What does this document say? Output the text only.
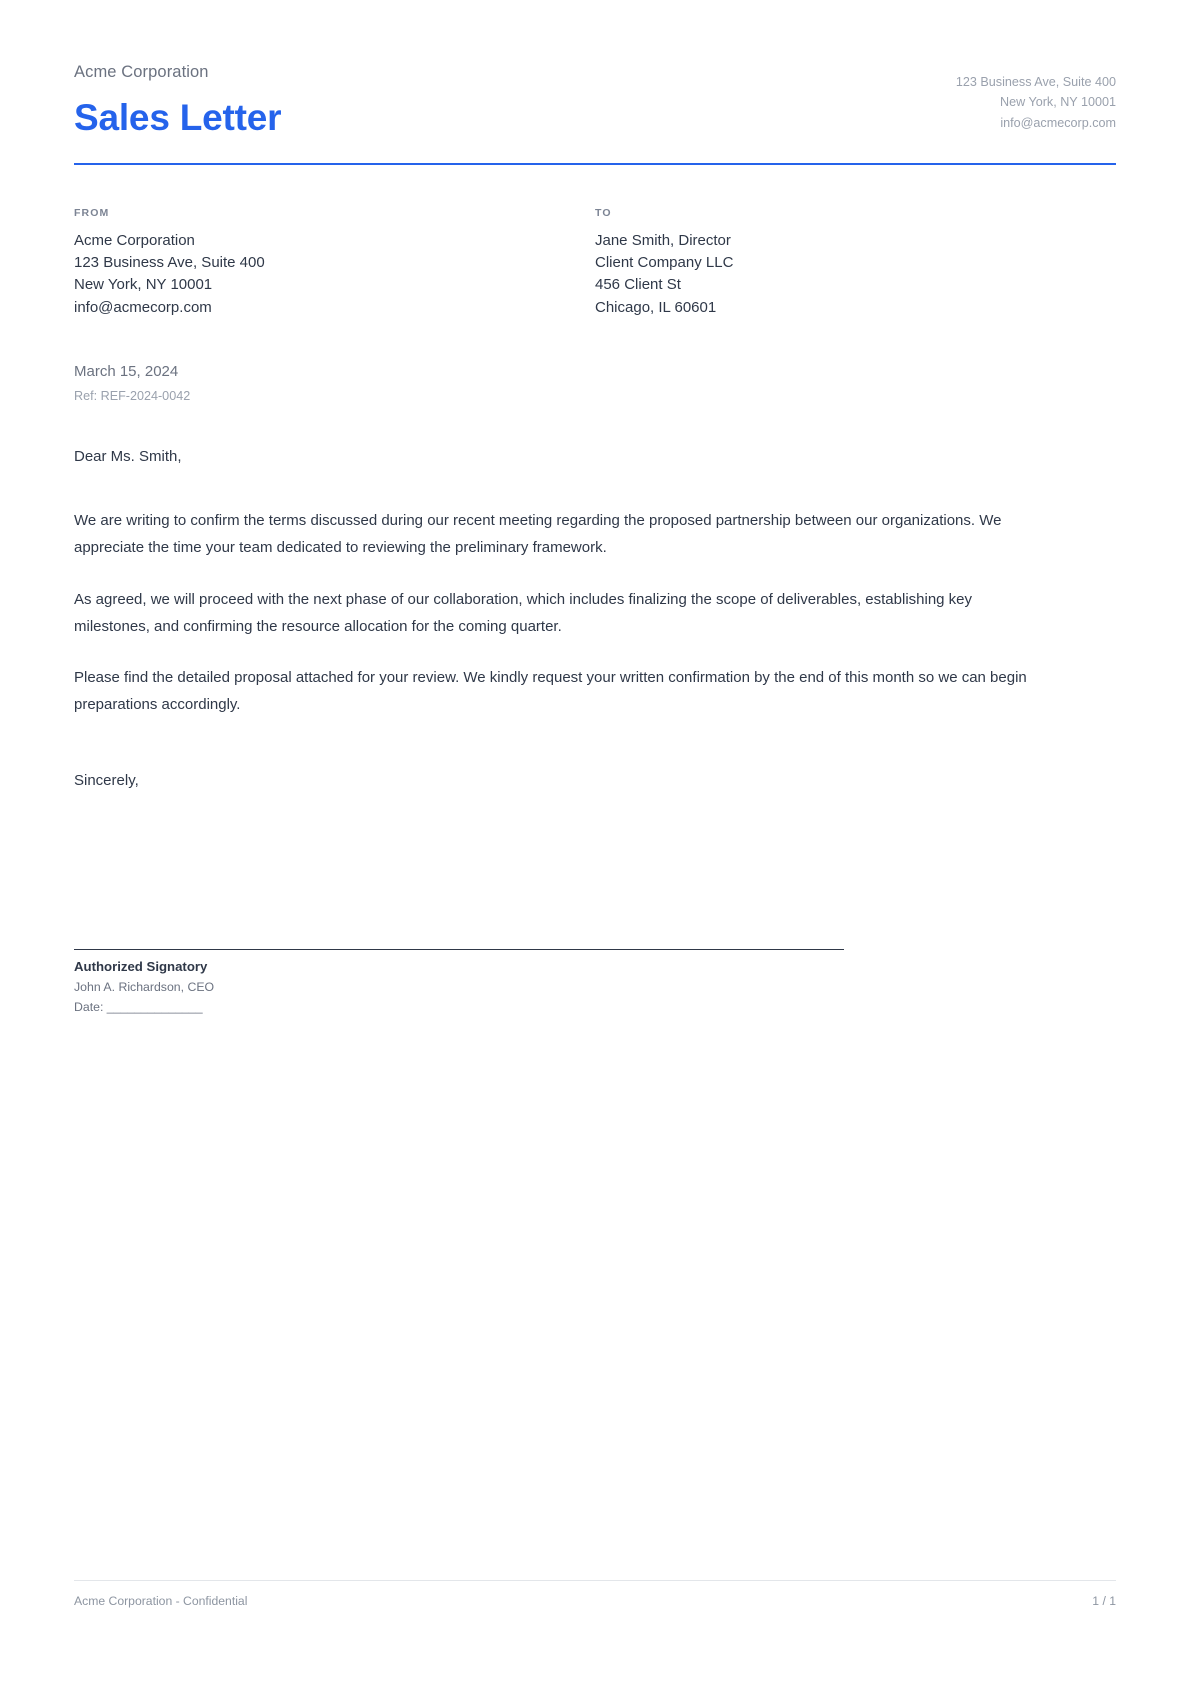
Acme Corporation
Sales Letter
123 Business Ave, Suite 400
New York, NY 10001
info@acmecorp.com
FROM
Acme Corporation
123 Business Ave, Suite 400
New York, NY 10001
info@acmecorp.com
TO
Jane Smith, Director
Client Company LLC
456 Client St
Chicago, IL 60601
March 15, 2024
Ref: REF-2024-0042
Dear Ms. Smith,

We are writing to confirm the terms discussed during our recent meeting regarding the proposed partnership between our organizations. We appreciate the time your team dedicated to reviewing the preliminary framework.

As agreed, we will proceed with the next phase of our collaboration, which includes finalizing the scope of deliverables, establishing key milestones, and confirming the resource allocation for the coming quarter.

Please find the detailed proposal attached for your review. We kindly request your written confirmation by the end of this month so we can begin preparations accordingly.

Sincerely,
Authorized Signatory
John A. Richardson, CEO
Date: ______________
Acme Corporation - Confidential	1 / 1
